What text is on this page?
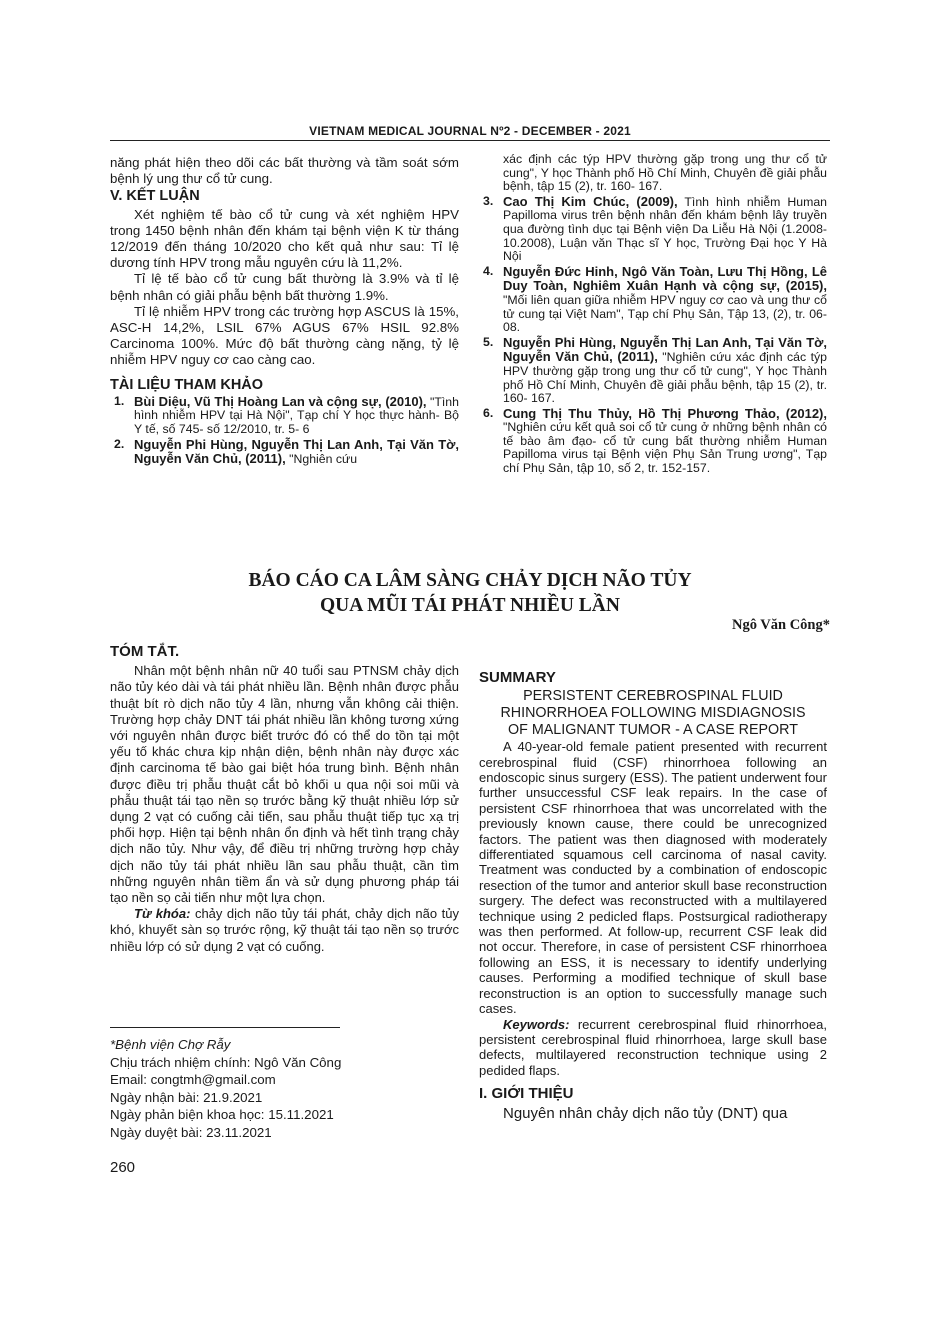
VIETNAM MEDICAL JOURNAL Nº2 - DECEMBER - 2021

năng phát hiện theo dõi các bất thường và tầm soát sớm bệnh lý ung thư cổ tử cung.

V. KẾT LUẬN

Xét nghiệm tế bào cổ tử cung và xét nghiệm HPV trong 1450 bệnh nhân đến khám tại bệnh viện K từ tháng 12/2019 đến tháng 10/2020 cho kết quả như sau: Tỉ lệ dương tính HPV trong mẫu nguyên cứu là 11,2%.

Tỉ lệ tế bào cổ tử cung bất thường là 3.9% và tỉ lệ bệnh nhân có giải phẫu bệnh bất thường 1.9%.

Tỉ lệ nhiễm HPV trong các trường hợp ASCUS là 15%, ASC-H 14,2%, LSIL 67% AGUS 67% HSIL 92.8% Carcinoma 100%. Mức độ bất thường càng nặng, tỷ lệ nhiễm HPV nguy cơ cao càng cao.

TÀI LIỆU THAM KHẢO

1. Bùi Diệu, Vũ Thị Hoàng Lan và cộng sự, (2010), "Tình hình nhiễm HPV tại Hà Nội", Tạp chí Y học thực hành- Bộ Y tế, số 745- số 12/2010, tr. 5- 6
2. Nguyễn Phi Hùng, Nguyễn Thị Lan Anh, Tại Văn Tờ, Nguyễn Văn Chủ, (2011), "Nghiên cứu
xác định các týp HPV thường gặp trong ung thư cổ tử cung", Y học Thành phố Hồ Chí Minh, Chuyên đề giải phẫu bệnh, tập 15 (2), tr. 160- 167.
3. Cao Thị Kim Chúc, (2009), Tình hình nhiễm Human Papilloma virus trên bệnh nhân đến khám bệnh lây truyền qua đường tình dục tại Bệnh viện Da Liễu Hà Nội (1.2008- 10.2008), Luận văn Thạc sĩ Y học, Trường Đại học Y Hà Nội
4. Nguyễn Đức Hinh, Ngô Văn Toàn, Lưu Thị Hồng, Lê Duy Toàn, Nghiêm Xuân Hạnh và cộng sự, (2015), "Mối liên quan giữa nhiễm HPV nguy cơ cao và ung thư cổ tử cung tại Việt Nam", Tạp chí Phụ Sản, Tập 13, (2), tr. 06- 08.
5. Nguyễn Phi Hùng, Nguyễn Thị Lan Anh, Tại Văn Tờ, Nguyễn Văn Chủ, (2011), "Nghiên cứu xác định các týp HPV thường gặp trong ung thư cổ tử cung", Y học Thành phố Hồ Chí Minh, Chuyên đề giải phẫu bệnh, tập 15 (2), tr. 160- 167.
6. Cung Thị Thu Thủy, Hồ Thị Phương Thảo, (2012), "Nghiên cứu kết quả soi cổ tử cung ở những bệnh nhân có tế bào âm đạo- cổ tử cung bất thường nhiễm Human Papilloma virus tại Bệnh viện Phụ Sản Trung ương", Tạp chí Phụ Sản, tập 10, số 2, tr. 152-157.
BÁO CÁO CA LÂM SÀNG CHẢY DỊCH NÃO TỦY
QUA MŨI TÁI PHÁT NHIỀU LẦN
Ngô Văn Công*

TÓM TẮT.

Nhân một bệnh nhân nữ 40 tuổi sau PTNSM chảy dịch não tủy kéo dài và tái phát nhiều lần. Bệnh nhân được phẫu thuật bít rò dịch não tủy 4 lần, nhưng vẫn không cải thiện. Trường hợp chảy DNT tái phát nhiều lần không tương xứng với nguyên nhân được biết trước đó có thể do tồn tại một yếu tố khác chưa kịp nhận diện, bệnh nhân này được xác định carcinoma tế bào gai biệt hóa trung bình. Bệnh nhân được điều trị phẫu thuật cắt bỏ khối u qua nội soi mũi và phẫu thuật tái tạo nền sọ trước bằng kỹ thuật nhiều lớp sử dụng 2 vạt có cuống cải tiến, sau phẫu thuật tiếp tục xạ trị phối hợp. Hiện tại bệnh nhân ổn định và hết tình trạng chảy dịch não tủy. Như vậy, để điều trị những trường hợp chảy dịch não tủy tái phát nhiều lần sau phẫu thuật, cần tìm những nguyên nhân tiềm ẩn và sử dụng phương pháp tái tạo nền sọ cải tiến như một lựa chọn.

Từ khóa: chảy dịch não tủy tái phát, chảy dịch não tủy khó, khuyết sàn sọ trước rộng, kỹ thuật tái tạo nền sọ trước nhiều lớp có sử dụng 2 vạt có cuống.

*Bệnh viện Chợ Rẫy
Chịu trách nhiệm chính: Ngô Văn Công
Email: congtmh@gmail.com
Ngày nhận bài: 21.9.2021
Ngày phản biện khoa học: 15.11.2021
Ngày duyệt bài: 23.11.2021

SUMMARY

PERSISTENT CEREBROSPINAL FLUID
RHINORRHOEA FOLLOWING MISDIAGNOSIS
OF MALIGNANT TUMOR - A CASE REPORT

A 40-year-old female patient presented with recurrent cerebrospinal fluid (CSF) rhinorrhoea following an endoscopic sinus surgery (ESS). The patient underwent four further unsuccessful CSF leak repairs. In the case of persistent CSF rhinorrhoea that was uncorrelated with the previously known cause, there could be unrecognized factors. The patient was then diagnosed with moderately differentiated squamous cell carcinoma of nasal cavity. Treatment was conducted by a combination of endoscopic resection of the tumor and anterior skull base reconstruction surgery. The defect was reconstructed with a multilayered technique using 2 pedicled flaps. Postsurgical radiotherapy was then performed. At follow-up, recurrent CSF leak did not occur. Therefore, in case of persistent CSF rhinorrhoea following an ESS, it is necessary to identify underlying causes. Performing a modified technique of skull base reconstruction is an option to successfully manage such cases.

Keywords: recurrent cerebrospinal fluid rhinorrhoea, persistent cerebrospinal fluid rhinorrhoea, large skull base defects, multilayered reconstruction technique using 2 pedided flaps.

I. GIỚI THIỆU

Nguyên nhân chảy dịch não tủy (DNT) qua

260
